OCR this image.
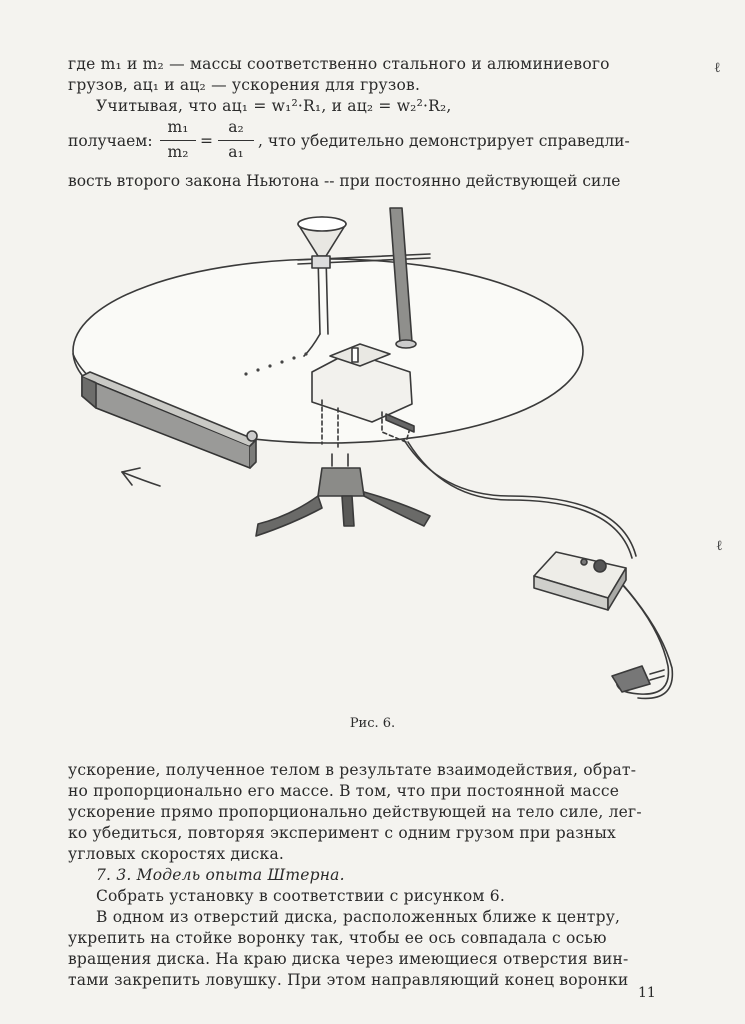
где m₁ и m₂ — массы соответственно стального и алюминиевого
грузов, aц₁ и aц₂ — ускорения для грузов.
Учитывая, что aц₁ = w₁²·R₁, и aц₂ = w₂²·R₂,
получаем:
m₁
m₂
=
a₂
a₁
, что убедительно демонстрирует справедли-
вость второго закона Ньютона -- при постоянно действующей силе
Рис. 6.
ускорение, полученное телом в результате взаимодействия, обрат-
но пропорционально его массе. В том, что при постоянной массе
ускорение прямо пропорционально действующей на тело силе, лег-
ко убедиться, повторяя эксперимент с одним грузом при разных
угловых скоростях диска.
7. 3. Модель опыта Штерна.
Собрать установку в соответствии с рисунком 6.
В одном из отверстий диска, расположенных ближе к центру,
укрепить на стойке воронку так, чтобы ее ось совпадала с осью
вращения диска. На краю диска через имеющиеся отверстия вин-
тами закрепить ловушку. При этом направляющий конец воронки
11
ℓ
ℓ
